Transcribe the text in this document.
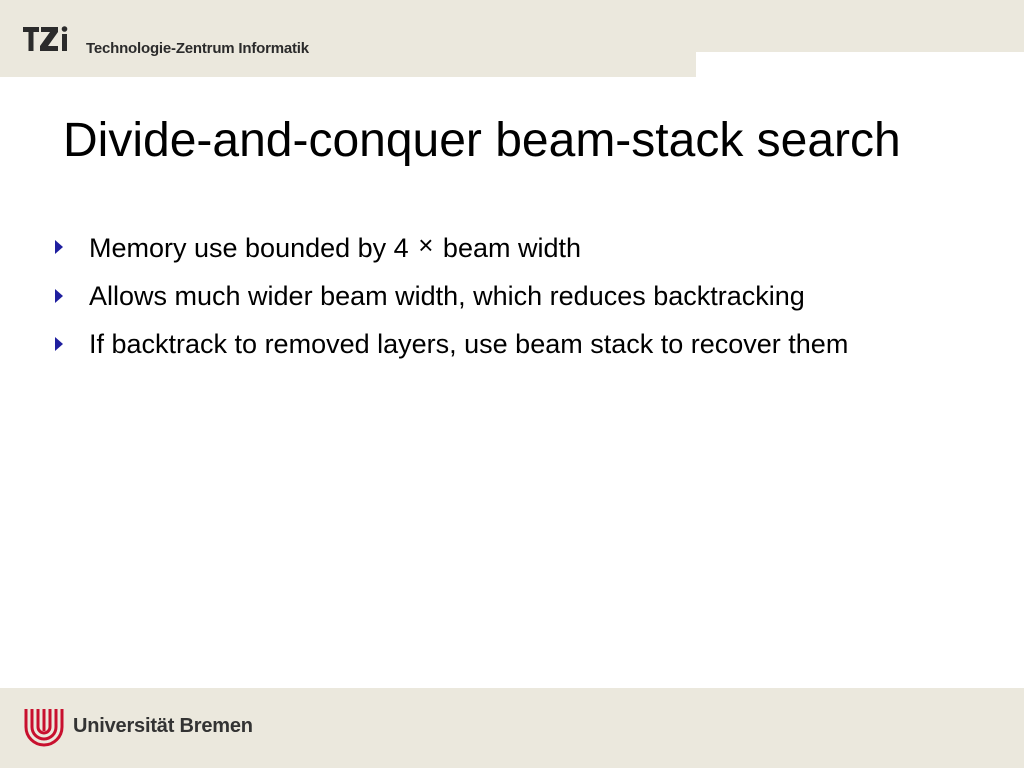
Technologie-Zentrum Informatik
Divide-and-conquer beam-stack search
Memory use bounded by 4 × beam width
Allows much wider beam width, which reduces backtracking
If backtrack to removed layers, use beam stack to recover them
Universität Bremen
